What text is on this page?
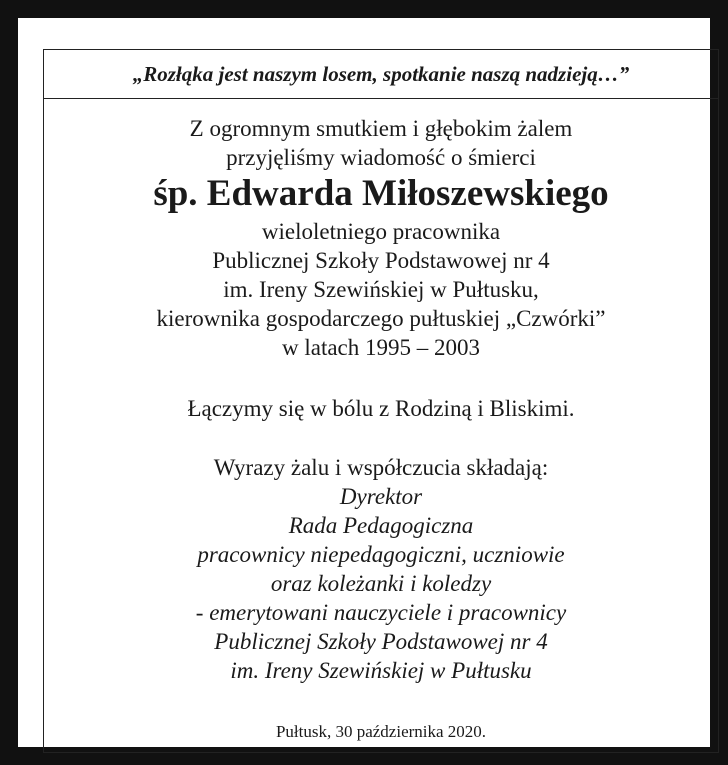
„Rozłąka jest naszym losem, spotkanie naszą nadzieją…”
Z ogromnym smutkiem i głębokim żalem
przyjęliśmy wiadomość o śmierci
śp. Edwarda Miłoszewskiego
wieloletniego pracownika
Publicznej Szkoły Podstawowej nr 4
im. Ireny Szewińskiej w Pułtusku,
kierownika gospodarczego pułtuskiej „Czwórki”
w latach 1995 – 2003
Łączymy się w bólu z Rodziną i Bliskimi.
Wyrazy żalu i współczucia składają:
Dyrektor
Rada Pedagogiczna
pracownicy niepedagogiczni, uczniowie
oraz koleżanki i koledzy
- emerytowani nauczyciele i pracownicy
Publicznej Szkoły Podstawowej nr 4
im. Ireny Szewińskiej w Pułtusku
Pułtusk, 30 października 2020.
